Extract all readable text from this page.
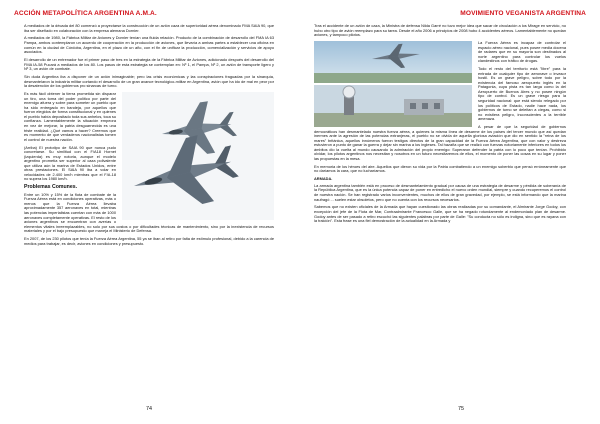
ACCIÓN METAPOLÍTICA ARGENTINA A.M.A.

A mediados de la década del 80 comenzó a proyectarse la construcción de un avión caza de superioridad aérea denominado FMA SAIA 90, que iba ser diseñado en colaboración con la empresa alemana Dornier.

A mediados de 1980, la Fábrica Militar de Aviones y Dornier tenían una fluida relación. Producto de la combinación de desarrollo del FMA IA 63 Pampa, ambos contemplaron un acuerdo de cooperación en la producción de aviones, que llevaría a ambas partes a establecer una oficina en común en la ciudad de Córdoba, Argentina, en el plazo de un año, con el fin de unificar la producción, comercialización y servicios de apoyo asociados.

El desarrollo de un entrenador fue el primer paso de tres en la estrategia de la Fábrica Militar de Aviones, adicionado después del desarrollo del FMA IA-58 Pucará a mediados de los 80. Los pasos de esta estrategia se contemplan en: Nº 1, el Pampa, Nº 2, un avión de transporte ligero y Nº 3, un avión de combate.

Sin duda Argentina iba a disponer de un avión inimaginable; pero las crisis económicas y las conspiraciones fraguadas por la sinarquía, desmantelaron la industria militar cortando el desarrollo de un gran avance tecnológico-militar en Argentina, avión que ha ido de mal en peor por la desatención de los gobiernos pro sinarcas de turno.

Es más fácil obtener la tierra prometida sin disparar un tiro, una toma del poder político por parte del enemigo afuera y sobre para someter un pueblo que ha sido entregado en bandeja, por aquellos que fueron elegidos de forma constitucional y en quienes el pueblo había depositado toda sus anhelos, toca su confianza. Lamentablemente la situación empeora en vez de mejorar, la patria desguarnecida es una triste realidad. ¿Qué vamos a hacer? Creemos que es momento de que verdaderos nacionalistas tomen el control de nuestra nación.

(Arriba) El prototipo de SAIA 90 que nunca pudo concretarse. Su similitud con el F/A18 Hornet (izquierda) es muy notoria, aunque el modelo argentino prometía ser superior al caza polivalente que utiliza aún la marina de Estados Unidos, entre otras prestaciones. El SAIA 90 iba a volar en velocidades de 2.400 km/h mientras que el F/A-18 no supera los 1980 km/h.

Problemas Comunes.

Entre un 10% y 15% de la flota de combate de la Fuerza Aérea está en condiciones operativas, más o menos que la Fuerza Aérea llevaba aproximadamente 357 aeronaves en total, mientras las potencias imperialistas cuentan con más de 1000 aeronaves completamente operativas. El resto de los aviones argentinos se encuentran con averías o elementos vitales inreemplazables, no solo por sus costos o por dificultades técnicas de mantenimiento, sino por la inexistencia de recursos materiales y por el bajo presupuesto que maneja el Ministerio de Defensa.

En 2007, de los 230 pilotos que tenía la Fuerza Aérea Argentina, 55 ya se iban al retiro por falta de estímulo profesional, debido a la carencia de medios para trabajar, es decir, aviones en condiciones y presupuesto.

74
MOVIMIENTO VEGANISTA ARGENTINA

Tras el accidente de un avión de caza, la Ministra de defensa Nilda Garré no tuvo mejor idea que sacar de circulación a los Mirage en servicio, no hubo otro tipo de avión reemplazo para su tarea. Desde el año 2006 a principios de 2008 hubo 4 accidentes aéreos. Lamentablemente no quedan aviones, y tampoco pilotos.

La Fuerza Aérea es incapaz de controlar el espacio aéreo nacional, pues posee media docena de radares que en su mayoría son destinados al norte argentino para controlar los vuelos clandestinos con tráfico de drogas.

Todo el resto del territorio está "libre" para la entrada de cualquier tipo de aeronave o invasor hostil. Es un grave peligro, sobre todo por la existencia del famoso aeropuerto inglés en la Patagonia, cuya pista es tan larga como la del Aeropuerto de Buenos Aires y no posee ningún tipo de control. Es un grave riesgo para la seguridad nacional: que está siendo relegado por los políticos de Estado, nadie hace nada, los gobiernos de turno se deleitan a ciegas, como si no existiera peligro, inconscientes a la terrible amenaza.

A pesar de que la seguridad de gobiernos democráticos han desmantelado nuestra fuerza aérea, a quienes la misma línea de desarme de los países del tercer mundo que así quedan inermes ante la agresión de las potencias extranjeras, el pueblo no se olvida de aquella gloriosa aviación que dio en sentido la "reina de los mares" británica, aquellos innúmeros fueron testigos directos de la gran capacidad de la Fuerza Aérea Argentina, que con valor y destreza estuvieron a punto de ganar la guerra y dejar sin marina a los ingleses. Tal hazaña que se realizó con fuerzas notoriamente inferiores en todos los ámbitos dio la vuelta al mundo causando la admiración del propio enemigo: Superaron defender la patria con lo poco que tenían. Prohibido olvidar, los pilotos argentinos nos necesitan y nosotros en un futuro necesitaremos de ellos, el momento de poner las cosas en su lugar y poner las propuestas en la mesa.

En memoria de los héroes del aire. Aquellos que dieron su vida por la Patria combatiendo a un enemigo soberbio que pensó erróneamente que no daríamos la cara, que no lucharíamos.

ARMADA.

La armada argentina también está en proceso de desmantelamiento gradual por causa de una estrategia de desarme y pérdida de soberanía de la República Argentina, que es la única potencia capaz de poner en entredicho el nuevo orden mundial, siempre y cuando recuperemos el control de nuestra nación. Se han registrado varios inconvenientes, muchos de ellos de gran gravedad, por ejemplo, se está informando que la marina naufragó ... suelen estar obsoletos, pero que no cuenta con los recursos necesarios.

Sabemos que no existen oficiales de la Armada que hayan cuestionado las obras realizadas por su comandante, el Almirante Jorge Godoy, con excepción del jefe de la Flota de Mar, Contraalmirante Francesco Galle, que se ha negado rotundamente al endemoniado plan de desarme. Godoy antes de ser pasado a retiro escuchó las siguientes palabras por parte de Galle: "Su conducta no sólo es indigna, sino que es rayana con la traición". Esta frase es una fiel demostración de la actualidad en la Armada y

75
